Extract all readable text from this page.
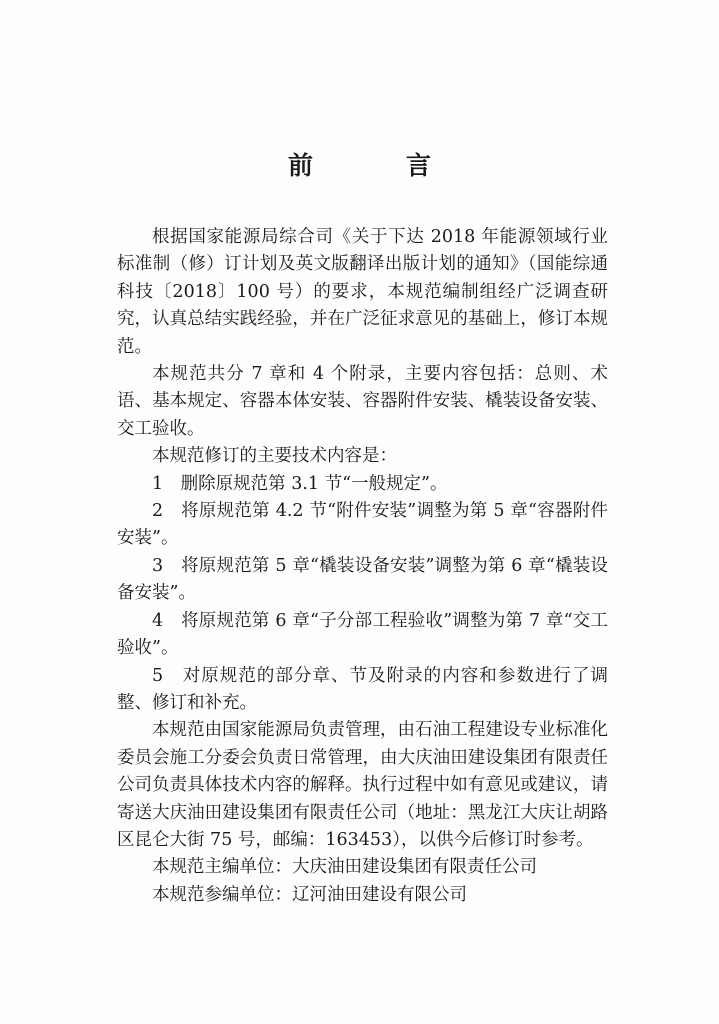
前　言

根据国家能源局综合司《关于下达 2018 年能源领域行业标准制（修）订计划及英文版翻译出版计划的通知》（国能综通科技〔2018〕100 号）的要求，本规范编制组经广泛调查研究，认真总结实践经验，并在广泛征求意见的基础上，修订本规范。

本规范共分 7 章和 4 个附录，主要内容包括：总则、术语、基本规定、容器本体安装、容器附件安装、橇装设备安装、交工验收。

本规范修订的主要技术内容是：

1　删除原规范第 3.1 节“一般规定”。

2　将原规范第 4.2 节“附件安装”调整为第 5 章“容器附件安装”。

3　将原规范第 5 章“橇装设备安装”调整为第 6 章“橇装设备安装”。

4　将原规范第 6 章“子分部工程验收”调整为第 7 章“交工验收”。

5　对原规范的部分章、节及附录的内容和参数进行了调整、修订和补充。

本规范由国家能源局负责管理，由石油工程建设专业标准化委员会施工分委会负责日常管理，由大庆油田建设集团有限责任公司负责具体技术内容的解释。执行过程中如有意见或建议，请寄送大庆油田建设集团有限责任公司（地址：黑龙江大庆让胡路区昆仑大街 75 号，邮编：163453），以供今后修订时参考。

本规范主编单位：大庆油田建设集团有限责任公司

本规范参编单位：辽河油田建设有限公司
